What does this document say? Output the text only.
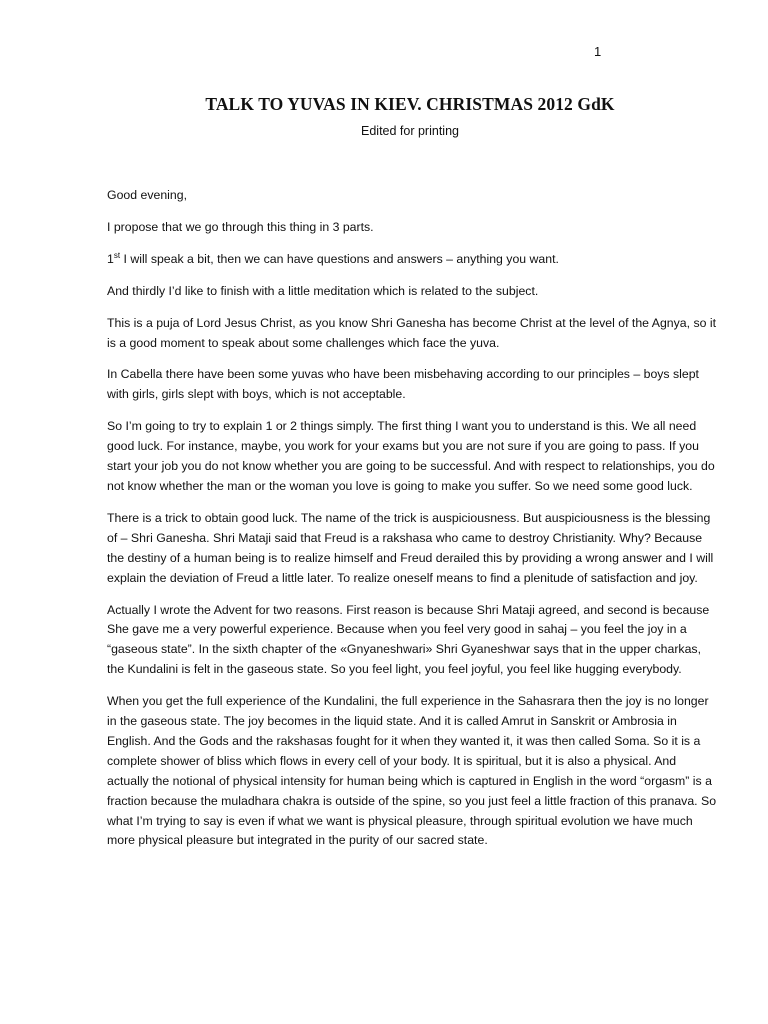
1
TALK TO YUVAS IN KIEV. CHRISTMAS 2012 GdK
Edited for printing

Good evening,

I propose that we go through this thing in 3 parts.

1st I will speak a bit, then we can have questions and answers – anything you want.

And thirdly I’d like to finish with a little meditation which is related to the subject.

This is a puja of Lord Jesus Christ, as you know Shri Ganesha has become Christ at the level of the Agnya, so it is a good moment to speak about some challenges which face the yuva.

In Cabella there have been some yuvas who have been misbehaving according to our principles – boys slept with girls, girls slept with boys, which is not acceptable.

So I’m going to try to explain 1 or 2 things simply. The first thing I want you to understand is this. We all need good luck. For instance, maybe, you work for your exams but you are not sure if you are going to pass. If you start your job you do not know whether you are going to be successful. And with respect to relationships, you do not know whether the man or the woman you love is going to make you suffer. So we need some good luck.

There is a trick to obtain good luck. The name of the trick is auspiciousness. But auspiciousness is the blessing of – Shri Ganesha. Shri Mataji said that Freud is a rakshasa who came to destroy Christianity. Why? Because the destiny of a human being is to realize himself and Freud derailed this by providing a wrong answer and I will explain the deviation of Freud a little later. To realize oneself means to find a plenitude of satisfaction and joy.

Actually I wrote the Advent for two reasons. First reason is because Shri Mataji agreed, and second is because She gave me a very powerful experience. Because when you feel very good in sahaj – you feel the joy in a “gaseous state”. In the sixth chapter of the «Gnyaneshwari» Shri Gyaneshwar says that in the upper charkas, the Kundalini is felt in the gaseous state. So you feel light, you feel joyful, you feel like hugging everybody.

When you get the full experience of the Kundalini, the full experience in the Sahasrara then the joy is no longer in the gaseous state. The joy becomes in the liquid state. And it is called Amrut in Sanskrit or Ambrosia in English. And the Gods and the rakshasas fought for it when they wanted it, it was then called Soma. So it is a complete shower of bliss which flows in every cell of your body. It is spiritual, but it is also a physical. And actually the notional of physical intensity for human being which is captured in English in the word “orgasm” is a fraction because the muladhara chakra is outside of the spine, so you just feel a little fraction of this pranava. So what I’m trying to say is even if what we want is physical pleasure, through spiritual evolution we have much more physical pleasure but integrated in the purity of our sacred state.
